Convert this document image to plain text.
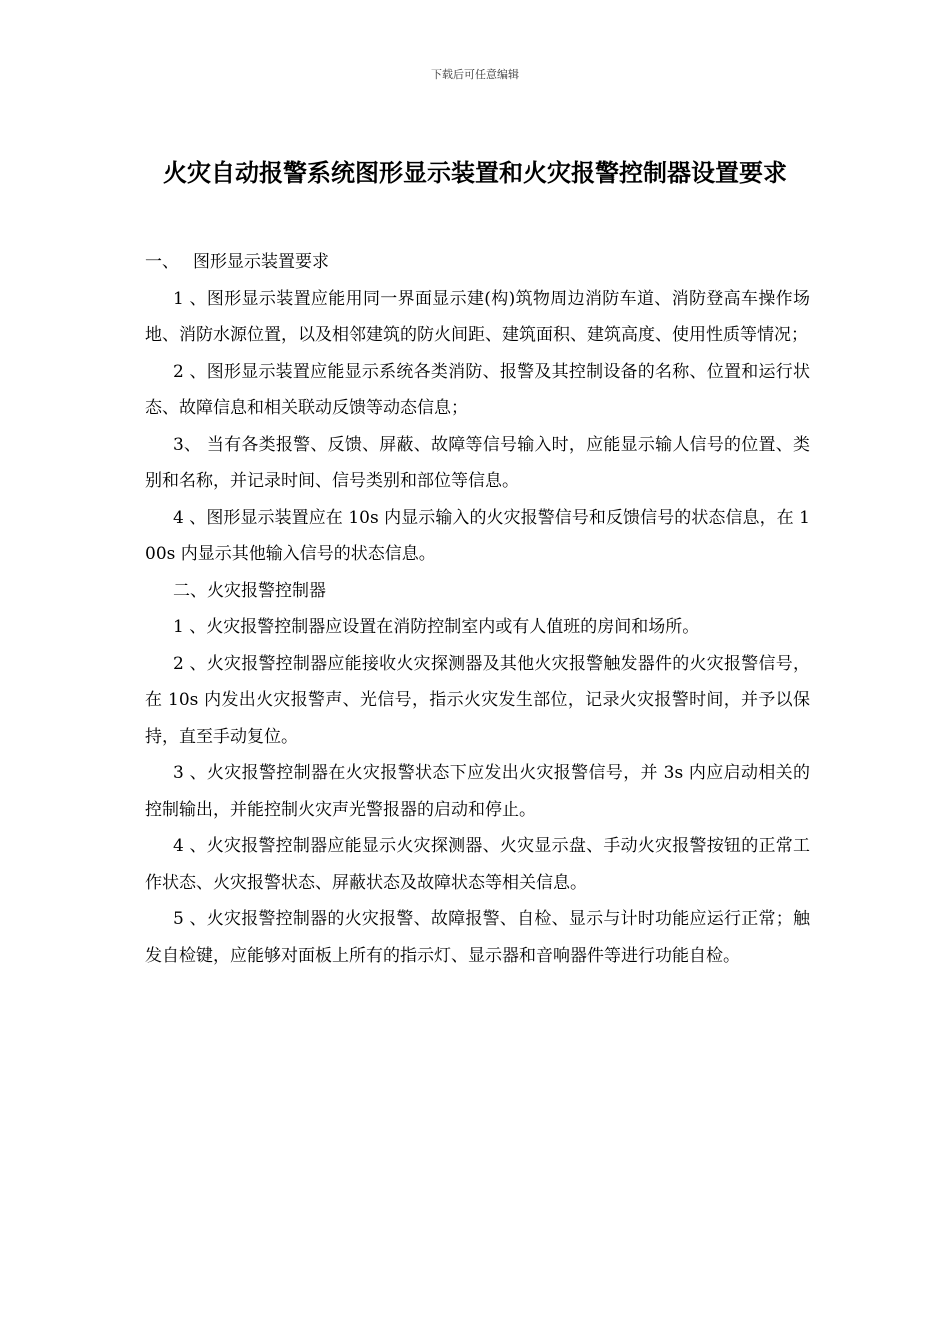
下载后可任意编辑
火灾自动报警系统图形显示装置和火灾报警控制器设置要求

一、 图形显示装置要求

1 、图形显示装置应能用同一界面显示建(构)筑物周边消防车道、消防登高车操作场地、消防水源位置，以及相邻建筑的防火间距、建筑面积、建筑高度、使用性质等情况；

2 、图形显示装置应能显示系统各类消防、报警及其控制设备的名称、位置和运行状态、故障信息和相关联动反馈等动态信息；

3、 当有各类报警、反馈、屏蔽、故障等信号输入时，应能显示输人信号的位置、类别和名称，并记录时间、信号类别和部位等信息。

4 、图形显示装置应在 10s 内显示输入的火灾报警信号和反馈信号的状态信息，在 100s 内显示其他输入信号的状态信息。

二、火灾报警控制器

1 、火灾报警控制器应设置在消防控制室内或有人值班的房间和场所。

2 、火灾报警控制器应能接收火灾探测器及其他火灾报警触发器件的火灾报警信号，在 10s 内发出火灾报警声、光信号，指示火灾发生部位，记录火灾报警时间，并予以保持，直至手动复位。

3 、火灾报警控制器在火灾报警状态下应发出火灾报警信号，并 3s 内应启动相关的控制输出，并能控制火灾声光警报器的启动和停止。

4 、火灾报警控制器应能显示火灾探测器、火灾显示盘、手动火灾报警按钮的正常工作状态、火灾报警状态、屏蔽状态及故障状态等相关信息。

5 、火灾报警控制器的火灾报警、故障报警、自检、显示与计时功能应运行正常；触发自检键，应能够对面板上所有的指示灯、显示器和音响器件等进行功能自检。
